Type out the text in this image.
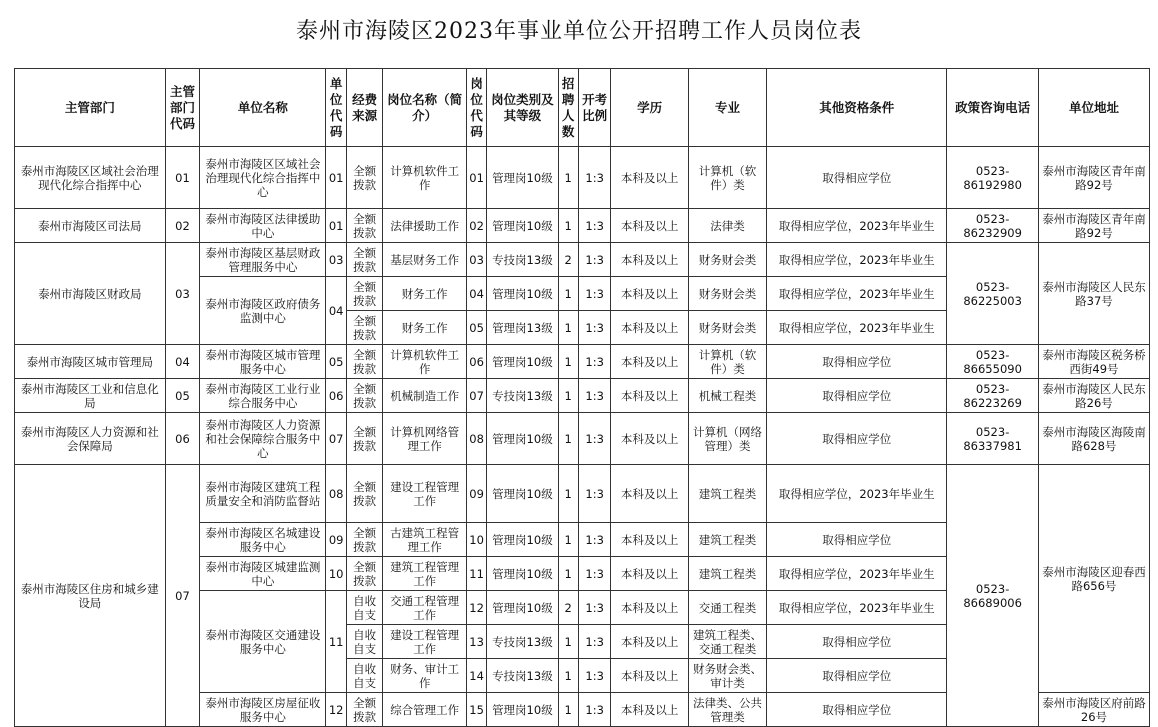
泰州市海陵区2023年事业单位公开招聘工作人员岗位表
主管部门	主管部门代码	单位名称	单位代码	经费来源	岗位名称（简介）	岗位代码	岗位类别及其等级	招聘人数	开考比例	学历	专业	其他资格条件	政策咨询电话	单位地址
泰州市海陵区区域社会治理现代化综合指挥中心	01	泰州市海陵区区域社会治理现代化综合指挥中心	01	全额拨款	计算机软件工作	01	管理岗10级	1	1:3	本科及以上	计算机（软件）类	取得相应学位	0523-86192980	泰州市海陵区青年南路92号
泰州市海陵区司法局	02	泰州市海陵区法律援助中心	01	全额拨款	法律援助工作	02	管理岗10级	1	1:3	本科及以上	法律类	取得相应学位，2023年毕业生	0523-86232909	泰州市海陵区青年南路92号
泰州市海陵区财政局	03	泰州市海陵区基层财政管理服务中心	03	全额拨款	基层财务工作	03	专技岗13级	2	1:3	本科及以上	财务财会类	取得相应学位，2023年毕业生	0523-86225003	泰州市海陵区人民东路37号
		泰州市海陵区政府债务监测中心	04	全额拨款	财务工作	04	管理岗10级	1	1:3	本科及以上	财务财会类	取得相应学位，2023年毕业生		
				全额拨款	财务工作	05	管理岗13级	1	1:3	本科及以上	财务财会类	取得相应学位，2023年毕业生		
泰州市海陵区城市管理局	04	泰州市海陵区城市管理服务中心	05	全额拨款	计算机软件工作	06	管理岗10级	1	1:3	本科及以上	计算机（软件）类	取得相应学位	0523-86655090	泰州市海陵区税务桥西街49号
泰州市海陵区工业和信息化局	05	泰州市海陵区工业行业综合服务中心	06	全额拨款	机械制造工作	07	专技岗13级	1	1:3	本科及以上	机械工程类	取得相应学位	0523-86223269	泰州市海陵区人民东路26号
泰州市海陵区人力资源和社会保障局	06	泰州市海陵区人力资源和社会保障综合服务中心	07	全额拨款	计算机网络管理工作	08	管理岗10级	1	1:3	本科及以上	计算机（网络管理）类	取得相应学位	0523-86337981	泰州市海陵区海陵南路628号
泰州市海陵区住房和城乡建设局	07	泰州市海陵区建筑工程质量安全和消防监督站	08	全额拨款	建设工程管理工作	09	管理岗10级	1	1:3	本科及以上	建筑工程类	取得相应学位，2023年毕业生	0523-86689006	泰州市海陵区迎春西路656号
		泰州市海陵区名城建设服务中心	09	全额拨款	古建筑工程管理工作	10	管理岗10级	1	1:3	本科及以上	建筑工程类	取得相应学位		
		泰州市海陵区城建监测中心	10	全额拨款	建筑工程管理工作	11	管理岗10级	1	1:3	本科及以上	建筑工程类	取得相应学位，2023年毕业生		
		泰州市海陵区交通建设服务中心	11	自收自支	交通工程管理工作	12	管理岗10级	2	1:3	本科及以上	交通工程类	取得相应学位，2023年毕业生		
				自收自支	建设工程管理工作	13	专技岗13级	1	1:3	本科及以上	建筑工程类、交通工程类	取得相应学位		
				自收自支	财务、审计工作	14	专技岗13级	1	1:3	本科及以上	财务财会类、审计类	取得相应学位		
		泰州市海陵区房屋征收服务中心	12	全额拨款	综合管理工作	15	管理岗10级	1	1:3	本科及以上	法律类、公共管理类	取得相应学位		泰州市海陵区府前路26号
